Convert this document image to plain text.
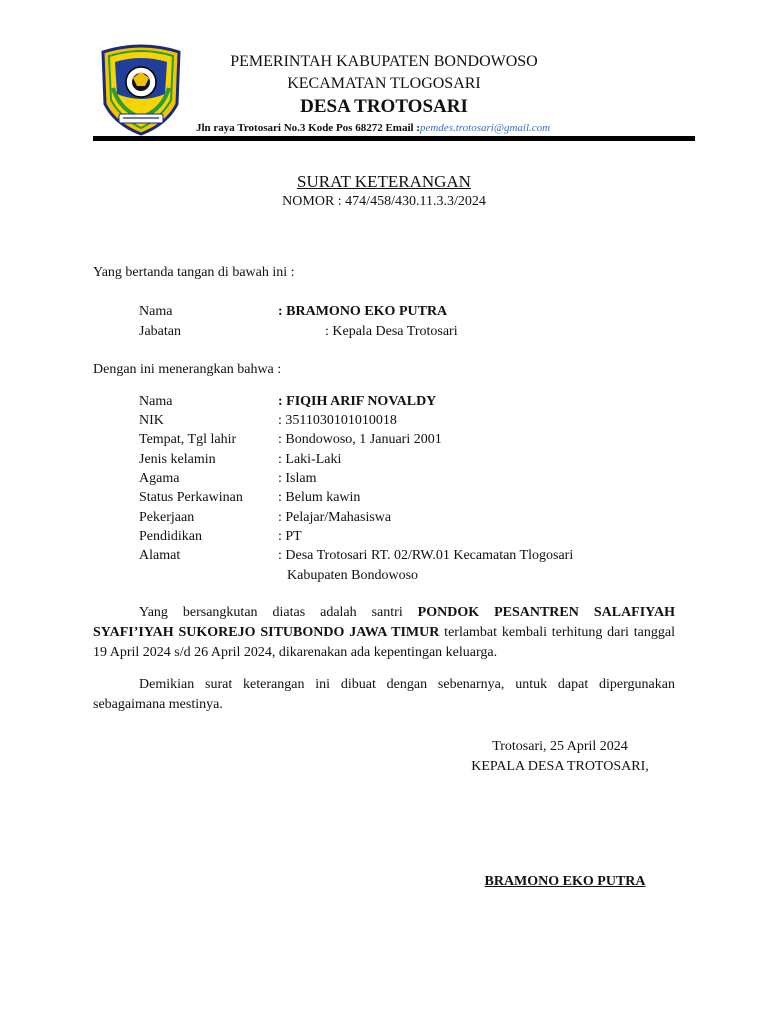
PEMERINTAH KABUPATEN BONDOWOSO
KECAMATAN TLOGOSARI
DESA TROTOSARI
Jln raya Trotosari No.3 Kode Pos 68272 Email :pemdes.trotosari@gmail.com
SURAT KETERANGAN
NOMOR : 474/458/430.11.3.3/2024
Yang bertanda tangan di bawah ini :
Nama	: BRAMONO EKO PUTRA
Jabatan	: Kepala Desa Trotosari
Dengan ini menerangkan bahwa :
Nama	: FIQIH ARIF NOVALDY
NIK	: 3511030101010018
Tempat, Tgl lahir	: Bondowoso, 1 Januari 2001
Jenis kelamin	: Laki-Laki
Agama	: Islam
Status Perkawinan	: Belum kawin
Pekerjaan	: Pelajar/Mahasiswa
Pendidikan	: PT
Alamat	: Desa Trotosari RT. 02/RW.01 Kecamatan Tlogosari
Kabupaten Bondowoso
Yang bersangkutan diatas adalah santri PONDOK PESANTREN SALAFIYAH SYAFI’IYAH SUKOREJO SITUBONDO JAWA TIMUR terlambat kembali terhitung dari tanggal 19 April 2024 s/d 26 April 2024, dikarenakan ada kepentingan keluarga.
Demikian surat keterangan ini dibuat dengan sebenarnya, untuk dapat dipergunakan sebagaimana mestinya.
Trotosari, 25 April 2024
KEPALA DESA TROTOSARI,
BRAMONO EKO PUTRA
